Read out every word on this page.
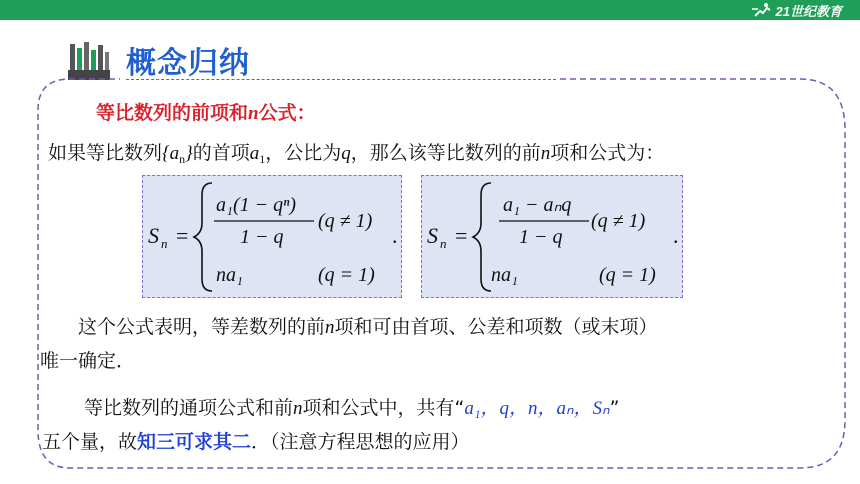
21世纪教育
概念归纳
等比数列的前项和n公式：
如果等比数列$\{a_n\}$的首项$a_1$，公比为q，那么该等比数列的前n项和公式为：
S n =
a₁(1 − qⁿ)
1 − q
(q ≠ 1)
.
na₁	(q = 1)
S n =
a₁ − aₙq
1 − q
(q ≠ 1)
.
na₁	(q = 1)
这个公式表明，等差数列的前n项和可由首项、公差和项数（或末项）
唯一确定．
等比数列的通项公式和前n项和公式中，共有“a₁，q，n，aₙ，Sₙ”
五个量，故知三可求其二．（注意方程思想的应用）
